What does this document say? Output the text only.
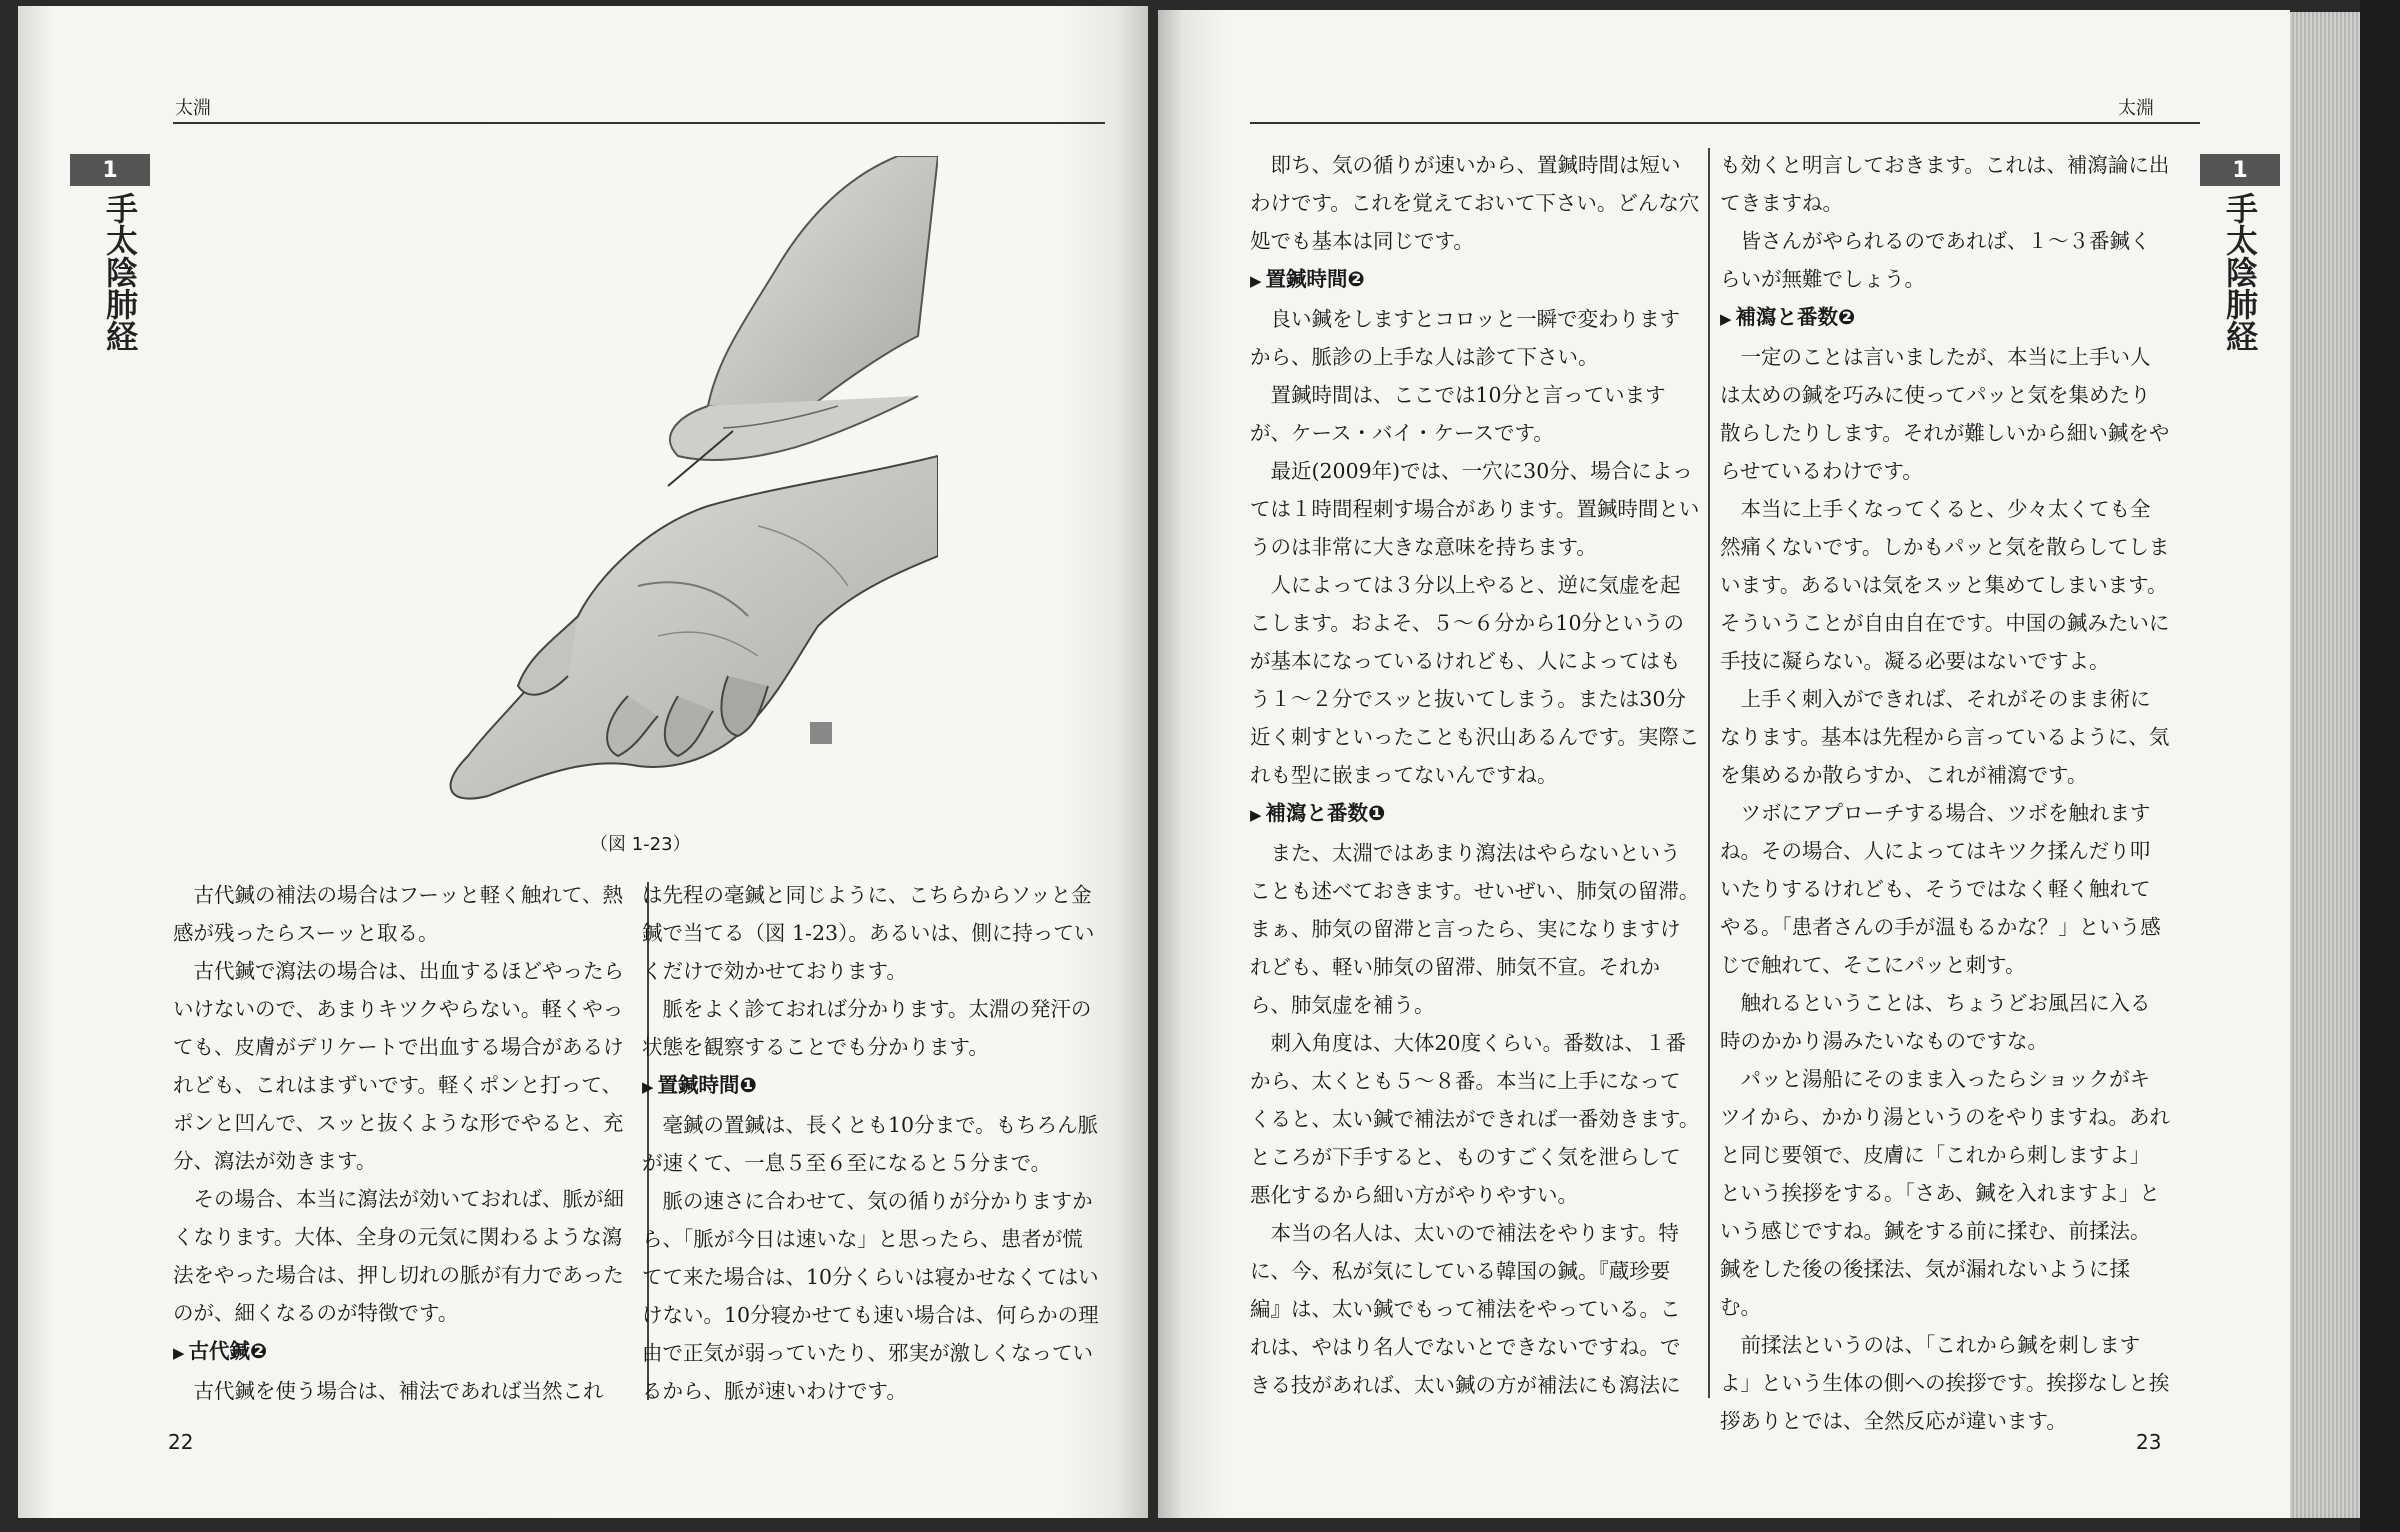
太淵
1
手太陰肺経
（図 1-23）

古代鍼の補法の場合はフーッと軽く触れて、熱感が残ったらスーッと取る。

古代鍼で瀉法の場合は、出血するほどやったらいけないので、あまりキツクやらない。軽くやっても、皮膚がデリケートで出血する場合があるけれども、これはまずいです。軽くポンと打って、ポンと凹んで、スッと抜くような形でやると、充分、瀉法が効きます。

その場合、本当に瀉法が効いておれば、脈が細くなります。大体、全身の元気に関わるような瀉法をやった場合は、押し切れの脈が有力であったのが、細くなるのが特徴です。

▶ 古代鍼❷

古代鍼を使う場合は、補法であれば当然これ

は先程の毫鍼と同じように、こちらからソッと金鍼で当てる（図 1-23）。あるいは、側に持っていくだけで効かせております。

脈をよく診ておれば分かります。太淵の発汗の状態を観察することでも分かります。

▶ 置鍼時間❶

毫鍼の置鍼は、長くとも10分まで。もちろん脈が速くて、一息５至６至になると５分まで。

脈の速さに合わせて、気の循りが分かりますから、「脈が今日は速いな」と思ったら、患者が慌てて来た場合は、10分くらいは寝かせなくてはいけない。10分寝かせても速い場合は、何らかの理由で正気が弱っていたり、邪実が激しくなっているから、脈が速いわけです。

22
太淵
1
手太陰肺経

即ち、気の循りが速いから、置鍼時間は短いわけです。これを覚えておいて下さい。どんな穴処でも基本は同じです。

▶ 置鍼時間❷

良い鍼をしますとコロッと一瞬で変わりますから、脈診の上手な人は診て下さい。

置鍼時間は、ここでは10分と言っていますが、ケース・バイ・ケースです。

最近(2009年)では、一穴に30分、場合によっては１時間程刺す場合があります。置鍼時間というのは非常に大きな意味を持ちます。

人によっては３分以上やると、逆に気虚を起こします。およそ、５～６分から10分というのが基本になっているけれども、人によってはもう１～２分でスッと抜いてしまう。または30分近く刺すといったことも沢山あるんです。実際これも型に嵌まってないんですね。

▶ 補瀉と番数❶

また、太淵ではあまり瀉法はやらないということも述べておきます。せいぜい、肺気の留滞。まぁ、肺気の留滞と言ったら、実になりますけれども、軽い肺気の留滞、肺気不宣。それから、肺気虚を補う。

刺入角度は、大体20度くらい。番数は、１番から、太くとも５～８番。本当に上手になってくると、太い鍼で補法ができれば一番効きます。ところが下手すると、ものすごく気を泄らして悪化するから細い方がやりやすい。

本当の名人は、太いので補法をやります。特に、今、私が気にしている韓国の鍼。『蔵珍要編』は、太い鍼でもって補法をやっている。これは、やはり名人でないとできないですね。できる技があれば、太い鍼の方が補法にも瀉法に

も効くと明言しておきます。これは、補瀉論に出てきますね。

皆さんがやられるのであれば、１～３番鍼くらいが無難でしょう。

▶ 補瀉と番数❷

一定のことは言いましたが、本当に上手い人は太めの鍼を巧みに使ってパッと気を集めたり散らしたりします。それが難しいから細い鍼をやらせているわけです。

本当に上手くなってくると、少々太くても全然痛くないです。しかもパッと気を散らしてしまいます。あるいは気をスッと集めてしまいます。そういうことが自由自在です。中国の鍼みたいに手技に凝らない。凝る必要はないですよ。

上手く刺入ができれば、それがそのまま術になります。基本は先程から言っているように、気を集めるか散らすか、これが補瀉です。

ツボにアプローチする場合、ツボを触れますね。その場合、人によってはキツク揉んだり叩いたりするけれども、そうではなく軽く触れてやる。「患者さんの手が温もるかな？」という感じで触れて、そこにパッと刺す。

触れるということは、ちょうどお風呂に入る時のかかり湯みたいなものですな。

パッと湯船にそのまま入ったらショックがキツイから、かかり湯というのをやりますね。あれと同じ要領で、皮膚に「これから刺しますよ」という挨拶をする。「さあ、鍼を入れますよ」という感じですね。鍼をする前に揉む、前揉法。鍼をした後の後揉法、気が漏れないように揉む。

前揉法というのは、「これから鍼を刺しますよ」という生体の側への挨拶です。挨拶なしと挨拶ありとでは、全然反応が違います。

23
